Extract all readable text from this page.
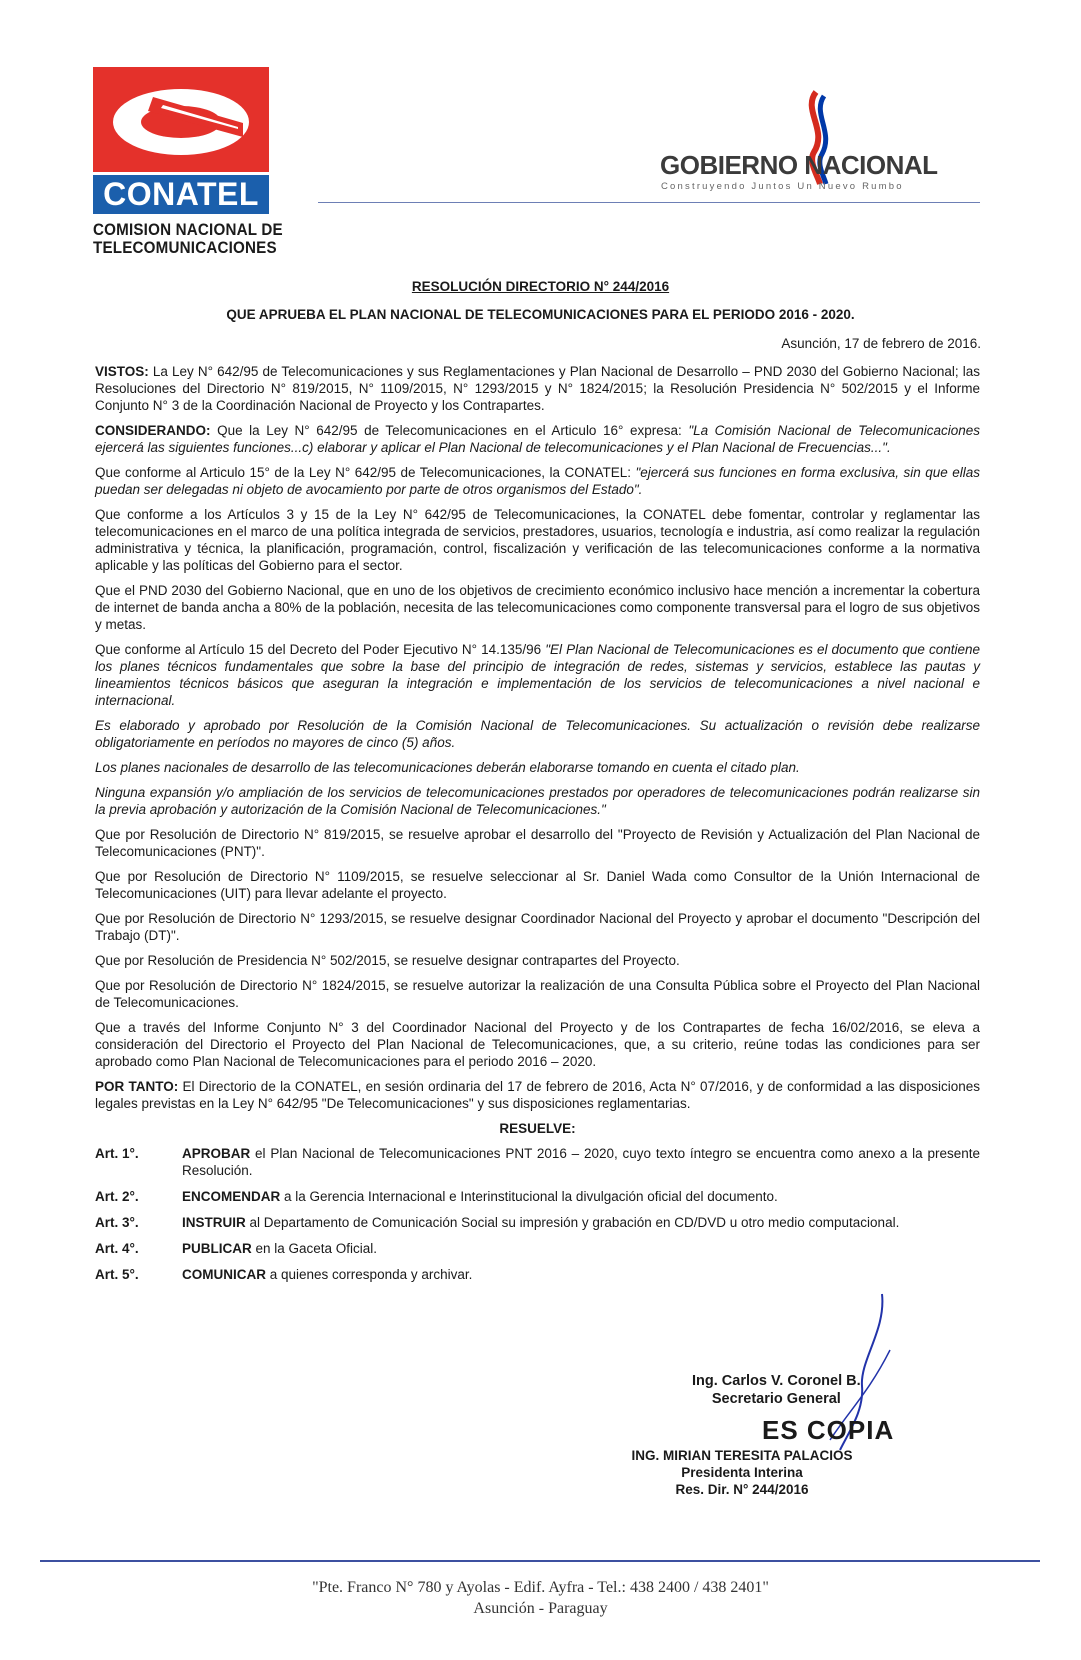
CONATEL
COMISION NACIONAL DE
TELECOMUNICACIONES
GOBIERNO NACIONAL
Construyendo Juntos Un Nuevo Rumbo
RESOLUCIÓN DIRECTORIO N° 244/2016
QUE APRUEBA EL PLAN NACIONAL DE TELECOMUNICACIONES PARA EL PERIODO 2016 - 2020.
Asunción, 17 de febrero de 2016.

VISTOS: La Ley N° 642/95 de Telecomunicaciones y sus Reglamentaciones y Plan Nacional de Desarrollo – PND 2030 del Gobierno Nacional; las Resoluciones del Directorio N° 819/2015, N° 1109/2015, N° 1293/2015 y N° 1824/2015; la Resolución Presidencia N° 502/2015 y el Informe Conjunto N° 3 de la Coordinación Nacional de Proyecto y los Contrapartes.

CONSIDERANDO: Que la Ley N° 642/95 de Telecomunicaciones en el Articulo 16° expresa: "La Comisión Nacional de Telecomunicaciones ejercerá las siguientes funciones...c) elaborar y aplicar el Plan Nacional de telecomunicaciones y el Plan Nacional de Frecuencias...".

Que conforme al Articulo 15° de la Ley N° 642/95 de Telecomunicaciones, la CONATEL: "ejercerá sus funciones en forma exclusiva, sin que ellas puedan ser delegadas ni objeto de avocamiento por parte de otros organismos del Estado".

Que conforme a los Artículos 3 y 15 de la Ley N° 642/95 de Telecomunicaciones, la CONATEL debe fomentar, controlar y reglamentar las telecomunicaciones en el marco de una política integrada de servicios, prestadores, usuarios, tecnología e industria, así como realizar la regulación administrativa y técnica, la planificación, programación, control, fiscalización y verificación de las telecomunicaciones conforme a la normativa aplicable y las políticas del Gobierno para el sector.

Que el PND 2030 del Gobierno Nacional, que en uno de los objetivos de crecimiento económico inclusivo hace mención a incrementar la cobertura de internet de banda ancha a 80% de la población, necesita de las telecomunicaciones como componente transversal para el logro de sus objetivos y metas.

Que conforme al Artículo 15 del Decreto del Poder Ejecutivo N° 14.135/96 "El Plan Nacional de Telecomunicaciones es el documento que contiene los planes técnicos fundamentales que sobre la base del principio de integración de redes, sistemas y servicios, establece las pautas y lineamientos técnicos básicos que aseguran la integración e implementación de los servicios de telecomunicaciones a nivel nacional e internacional.

Es elaborado y aprobado por Resolución de la Comisión Nacional de Telecomunicaciones. Su actualización o revisión debe realizarse obligatoriamente en períodos no mayores de cinco (5) años.

Los planes nacionales de desarrollo de las telecomunicaciones deberán elaborarse tomando en cuenta el citado plan.

Ninguna expansión y/o ampliación de los servicios de telecomunicaciones prestados por operadores de telecomunicaciones podrán realizarse sin la previa aprobación y autorización de la Comisión Nacional de Telecomunicaciones."

Que por Resolución de Directorio N° 819/2015, se resuelve aprobar el desarrollo del "Proyecto de Revisión y Actualización del Plan Nacional de Telecomunicaciones (PNT)".

Que por Resolución de Directorio N° 1109/2015, se resuelve seleccionar al Sr. Daniel Wada como Consultor de la Unión Internacional de Telecomunicaciones (UIT) para llevar adelante el proyecto.

Que por Resolución de Directorio N° 1293/2015, se resuelve designar Coordinador Nacional del Proyecto y aprobar el documento "Descripción del Trabajo (DT)".

Que por Resolución de Presidencia N° 502/2015, se resuelve designar contrapartes del Proyecto.

Que por Resolución de Directorio N° 1824/2015, se resuelve autorizar la realización de una Consulta Pública sobre el Proyecto del Plan Nacional de Telecomunicaciones.

Que a través del Informe Conjunto N° 3 del Coordinador Nacional del Proyecto y de los Contrapartes de fecha 16/02/2016, se eleva a consideración del Directorio el Proyecto del Plan Nacional de Telecomunicaciones, que, a su criterio, reúne todas las condiciones para ser aprobado como Plan Nacional de Telecomunicaciones para el periodo 2016 – 2020.

POR TANTO: El Directorio de la CONATEL, en sesión ordinaria del 17 de febrero de 2016, Acta N° 07/2016, y de conformidad a las disposiciones legales previstas en la Ley N° 642/95 "De Telecomunicaciones" y sus disposiciones reglamentarias.

RESUELVE:

Art. 1°.	APROBAR el Plan Nacional de Telecomunicaciones PNT 2016 – 2020, cuyo texto íntegro se encuentra como anexo a la presente Resolución.
Art. 2°.	ENCOMENDAR a la Gerencia Internacional e Interinstitucional la divulgación oficial del documento.
Art. 3°.	INSTRUIR al Departamento de Comunicación Social su impresión y grabación en CD/DVD u otro medio computacional.
Art. 4°.	PUBLICAR en la Gaceta Oficial.
Art. 5°.	COMUNICAR a quienes corresponda y archivar.
Ing. Carlos V. Coronel B.
Secretario General
ES COPIA
ING. MIRIAN TERESITA PALACIOS
Presidenta Interina
Res. Dir. N° 244/2016
"Pte. Franco N° 780 y Ayolas - Edif. Ayfra - Tel.: 438 2400 / 438 2401"
Asunción - Paraguay
